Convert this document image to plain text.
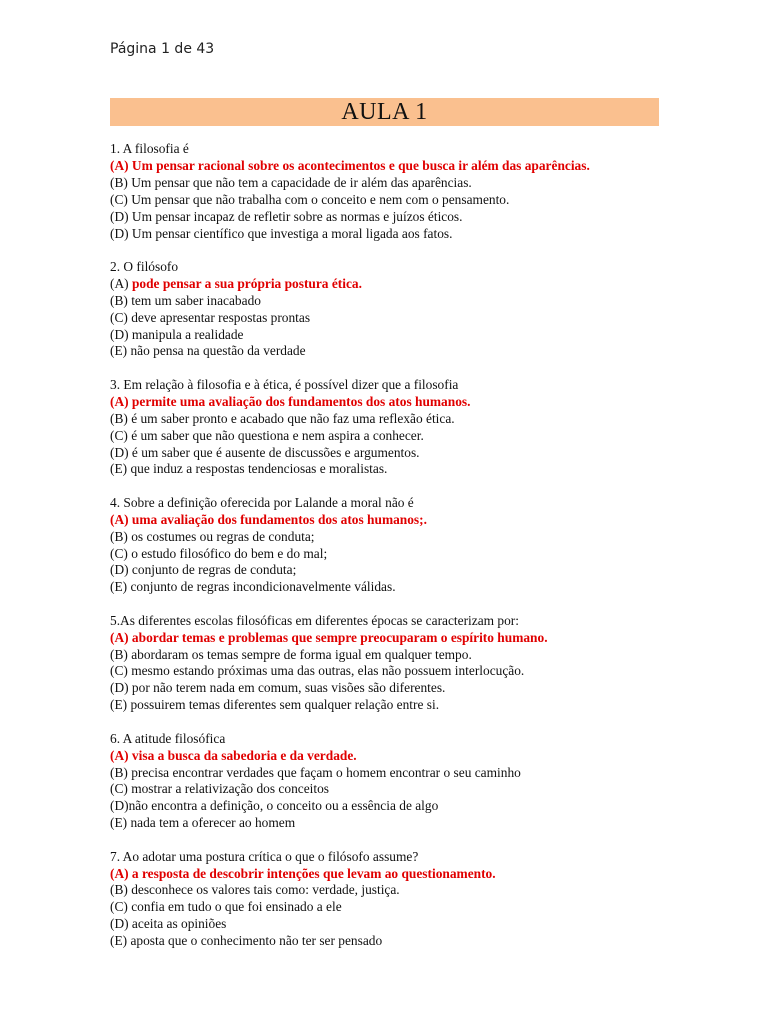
Página 1 de 43
AULA 1
1. A filosofia é
(A) Um pensar racional sobre os acontecimentos e que busca ir além das aparências.
(B) Um pensar que não tem a capacidade de ir além das aparências.
(C) Um pensar que não trabalha com o conceito e nem com o pensamento.
(D) Um pensar incapaz de refletir sobre as normas e juízos éticos.
(D) Um pensar científico que investiga a moral ligada aos fatos.
2. O filósofo
(A) pode pensar a sua própria postura ética.
(B) tem um saber inacabado
(C) deve apresentar respostas prontas
(D) manipula a realidade
(E) não pensa na questão da verdade
3. Em relação à filosofia e à ética, é possível dizer que a filosofia
(A) permite uma avaliação dos fundamentos dos atos humanos.
(B) é um saber pronto e acabado que não faz uma reflexão ética.
(C) é um saber que não questiona e nem aspira a conhecer.
(D) é um saber que é ausente de discussões e argumentos.
(E) que induz a respostas tendenciosas e moralistas.
4. Sobre a definição oferecida por Lalande a moral não é
(A) uma avaliação dos fundamentos dos atos humanos;.
(B) os costumes ou regras de conduta;
(C) o estudo filosófico do bem e do mal;
(D) conjunto de regras de conduta;
(E) conjunto de regras incondicionavelmente válidas.
5.As diferentes escolas filosóficas em diferentes épocas se caracterizam por:
(A) abordar temas e problemas que sempre preocuparam o espírito humano.
(B) abordaram os temas sempre de forma igual em qualquer tempo.
(C) mesmo estando próximas uma das outras, elas não possuem interlocução.
(D) por não terem nada em comum, suas visões são diferentes.
(E) possuirem temas diferentes sem qualquer relação entre si.
6. A atitude filosófica
(A) visa a busca da sabedoria e da verdade.
(B) precisa encontrar verdades que façam o homem encontrar o seu caminho
(C) mostrar a relativização dos conceitos
(D)não encontra a definição, o conceito ou a essência de algo
(E) nada tem a oferecer ao homem
7. Ao adotar uma postura crítica o que o filósofo assume?
(A) a resposta de descobrir intenções que levam ao questionamento.
(B) desconhece os valores tais como: verdade, justiça.
(C) confia em tudo o que foi ensinado a ele
(D) aceita as opiniões
(E) aposta que o conhecimento não ter ser pensado
